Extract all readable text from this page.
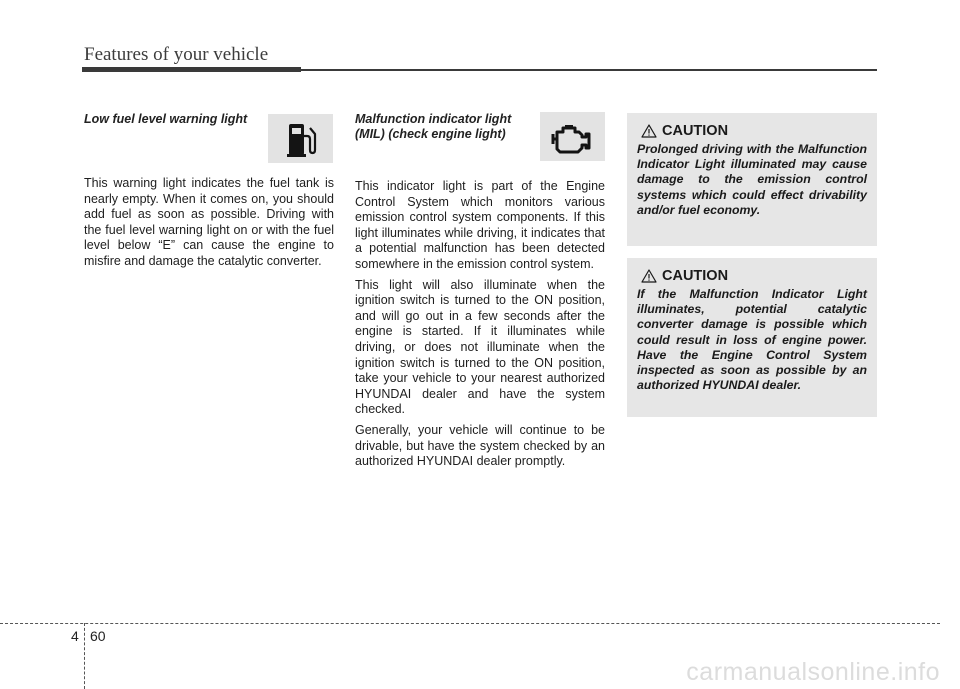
Features of your vehicle
Low fuel level warning light

This warning light indicates the fuel tank is nearly empty. When it comes on, you should add fuel as soon as possible. Driving with the fuel level warning light on or with the fuel level below “E” can cause the engine to misfire and damage the catalytic converter.

Malfunction indicator light (MIL) (check engine light)

This indicator light is part of the Engine Control System which monitors various emission control system components. If this light illuminates while driving, it indicates that a potential malfunction has been detected somewhere in the emission control system.

This light will also illuminate when the ignition switch is turned to the ON position, and will go out in a few seconds after the engine is started. If it illuminates while driving, or does not illuminate when the ignition switch is turned to the ON position, take your vehicle to your nearest authorized HYUNDAI dealer and have the system checked.

Generally, your vehicle will continue to be drivable, but have the system checked by an authorized HYUNDAI dealer promptly.

CAUTION
Prolonged driving with the Malfunction Indicator Light illuminated may cause damage to the emission control systems which could effect drivability and/or fuel economy.
CAUTION
If the Malfunction Indicator Light illuminates, potential catalytic converter damage is possible which could result in loss of engine power. Have the Engine Control System inspected as soon as possible by an authorized HYUNDAI dealer.
4 60
carmanualsonline.info
